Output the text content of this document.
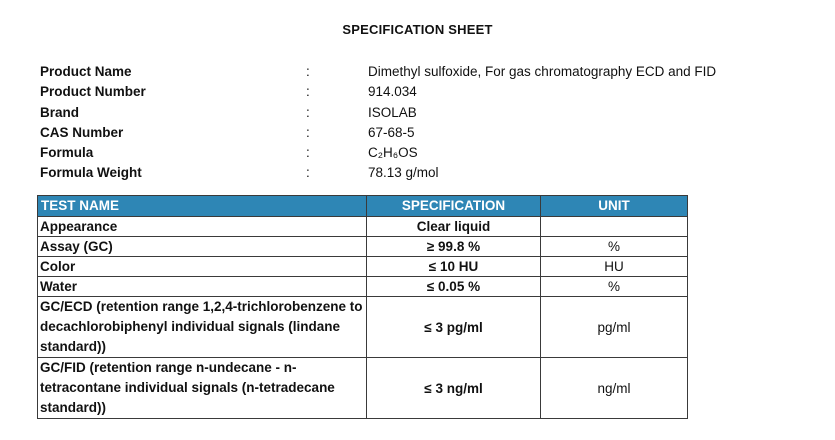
SPECIFICATION SHEET
Product Name	:	Dimethyl sulfoxide, For gas chromatography ECD and FID
Product Number	:	914.034
Brand	:	ISOLAB
CAS Number	:	67-68-5
Formula	:	C₂H₆OS
Formula Weight	:	78.13 g/mol
TEST NAME	SPECIFICATION	UNIT
Appearance	Clear liquid	
Assay (GC)	≥ 99.8 %	%
Color	≤ 10 HU	HU
Water	≤ 0.05 %	%
GC/ECD (retention range 1,2,4-trichlorobenzene to decachlorobiphenyl individual signals (lindane standard))	≤ 3 pg/ml	pg/ml
GC/FID (retention range n-undecane - n-tetracontane individual signals (n-tetradecane standard))	≤ 3 ng/ml	ng/ml
